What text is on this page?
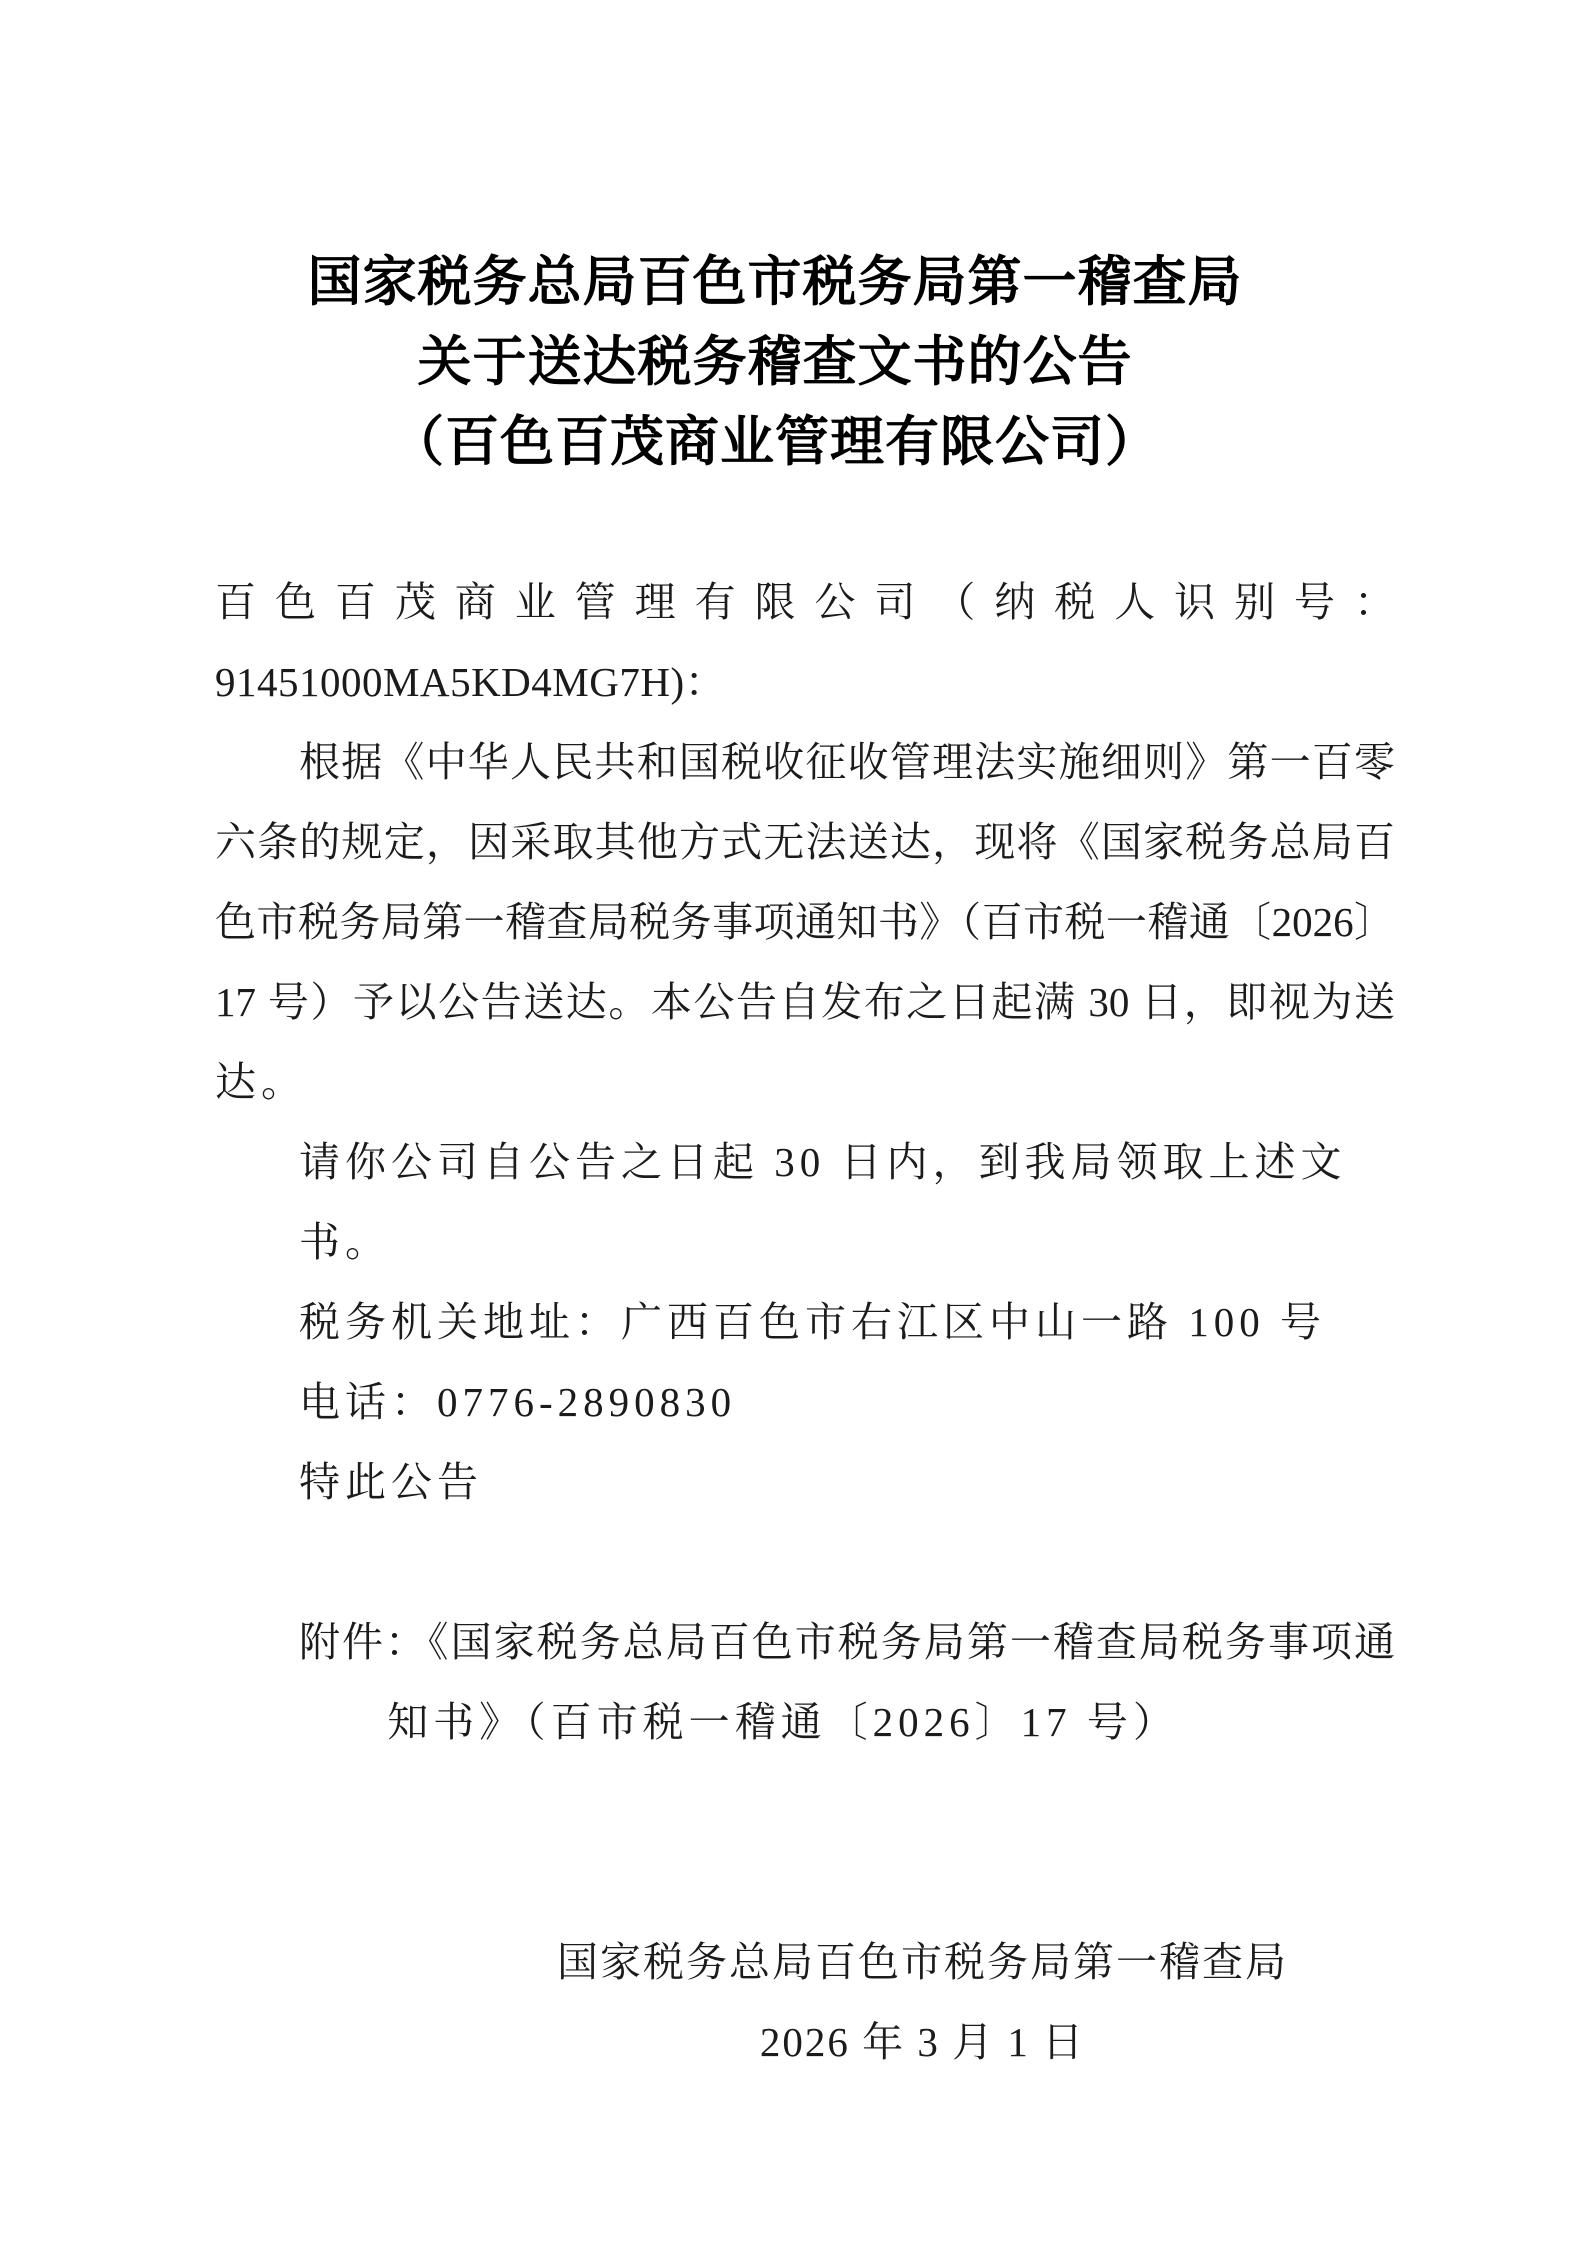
国家税务总局百色市税务局第一稽查局
关于送达税务稽查文书的公告
（百色百茂商业管理有限公司）
百色百茂商业管理有限公司（纳税人识别号：
91451000MA5KD4MG7H)：
根据《中华人民共和国税收征收管理法实施细则》第一百零
六条的规定，因采取其他方式无法送达，现将《国家税务总局百
色市税务局第一稽查局税务事项通知书》（百市税一稽通〔2026〕
17 号）予以公告送达。本公告自发布之日起满 30 日，即视为送
达。
请你公司自公告之日起 30 日内，到我局领取上述文书。
税务机关地址：广西百色市右江区中山一路 100 号
电话：0776-2890830
特此公告
附件：《国家税务总局百色市税务局第一稽查局税务事项通
知书》（百市税一稽通〔2026〕17 号）
国家税务总局百色市税务局第一稽查局
2026 年 3 月 1 日
